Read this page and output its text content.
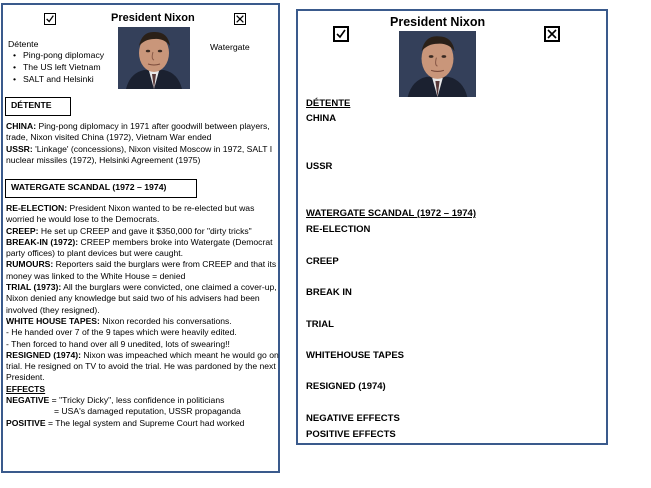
President Nixon
Détente
• Ping-pong diplomacy
• The US left Vietnam
• SALT and Helsinki
Watergate
DÉTENTE

CHINA: Ping-pong diplomacy in 1971 after goodwill between players, trade, Nixon visited China (1972), Vietnam War ended

USSR: 'Linkage' (concessions), Nixon visited Moscow in 1972, SALT I nuclear missiles (1972), Helsinki Agreement (1975)

WATERGATE SCANDAL (1972 – 1974)

RE-ELECTION: President Nixon wanted to be re-elected but was worried he would lose to the Democrats.

CREEP: He set up CREEP and gave it $350,000 for "dirty tricks"

BREAK-IN (1972): CREEP members broke into Watergate (Democrat party offices) to plant devices but were caught.

RUMOURS: Reporters said the burglars were from CREEP and that its money was linked to the White House = denied

TRIAL (1973): All the burglars were convicted, one claimed a cover-up, Nixon denied any knowledge but said two of his advisers had been involved (they resigned).

WHITE HOUSE TAPES: Nixon recorded his conversations.

- He handed over 7 of the 9 tapes which were heavily edited.

- Then forced to hand over all 9 unedited, lots of swearing!!

RESIGNED (1974): Nixon was impeached which meant he would go on trial. He resigned on TV to avoid the trial. He was pardoned by the next President.

EFFECTS

NEGATIVE = "Tricky Dicky", less confidence in politicians

= USA's damaged reputation, USSR propaganda

POSITIVE = The legal system and Supreme Court had worked

President Nixon
DÉTENTE
CHINA
USSR
WATERGATE SCANDAL (1972 – 1974)
RE-ELECTION
CREEP
BREAK IN
TRIAL
WHITEHOUSE TAPES
RESIGNED (1974)
NEGATIVE EFFECTS
POSITIVE EFFECTS
